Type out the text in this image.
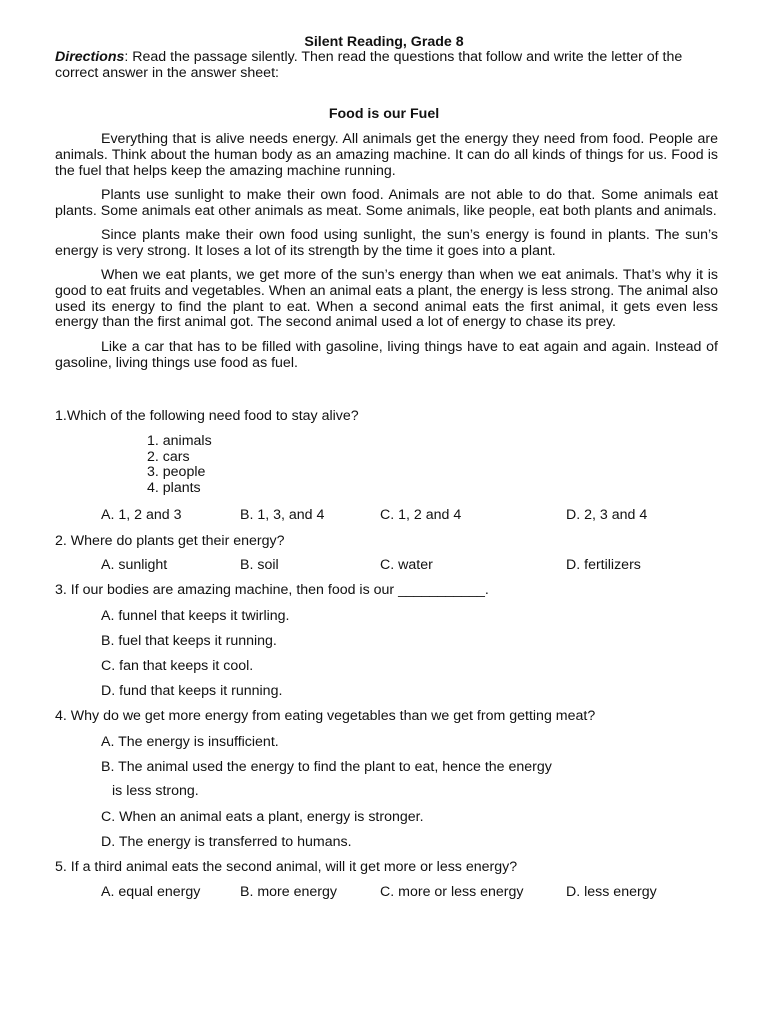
Silent Reading, Grade 8
Directions: Read the passage silently. Then read the questions that follow and write the letter of the correct answer in the answer sheet:
Food is our Fuel
Everything that is alive needs energy. All animals get the energy they need from food. People are animals. Think about the human body as an amazing machine. It can do all kinds of things for us. Food is the fuel that helps keep the amazing machine running.
Plants use sunlight to make their own food. Animals are not able to do that. Some animals eat plants. Some animals eat other animals as meat. Some animals, like people, eat both plants and animals.
Since plants make their own food using sunlight, the sun’s energy is found in plants. The sun’s energy is very strong. It loses a lot of its strength by the time it goes into a plant.
When we eat plants, we get more of the sun’s energy than when we eat animals. That’s why it is good to eat fruits and vegetables. When an animal eats a plant, the energy is less strong. The animal also used its energy to find the plant to eat. When a second animal eats the first animal, it gets even less energy than the first animal got. The second animal used a lot of energy to chase its prey.
Like a car that has to be filled with gasoline, living things have to eat again and again. Instead of gasoline, living things use food as fuel.
1.Which of the following need food to stay alive?
1. animals
2. cars
3. people
4. plants
A. 1, 2 and 3	B. 1, 3, and 4	C. 1, 2 and 4	D. 2, 3 and 4
2. Where do plants get their energy?
A. sunlight	B. soil	C. water	D. fertilizers
3. If our bodies are amazing machine, then food is our ___________.
A. funnel that keeps it twirling.
B. fuel that keeps it running.
C. fan that keeps it cool.
D. fund that keeps it running.
4. Why do we get more energy from eating vegetables than we get from getting meat?
A. The energy is insufficient.
B. The animal used the energy to find the plant to eat, hence the energy
is less strong.
C. When an animal eats a plant, energy is stronger.
D. The energy is transferred to humans.
5. If a third animal eats the second animal, will it get more or less energy?
A. equal energy	B. more energy	C. more or less energy	D. less energy
